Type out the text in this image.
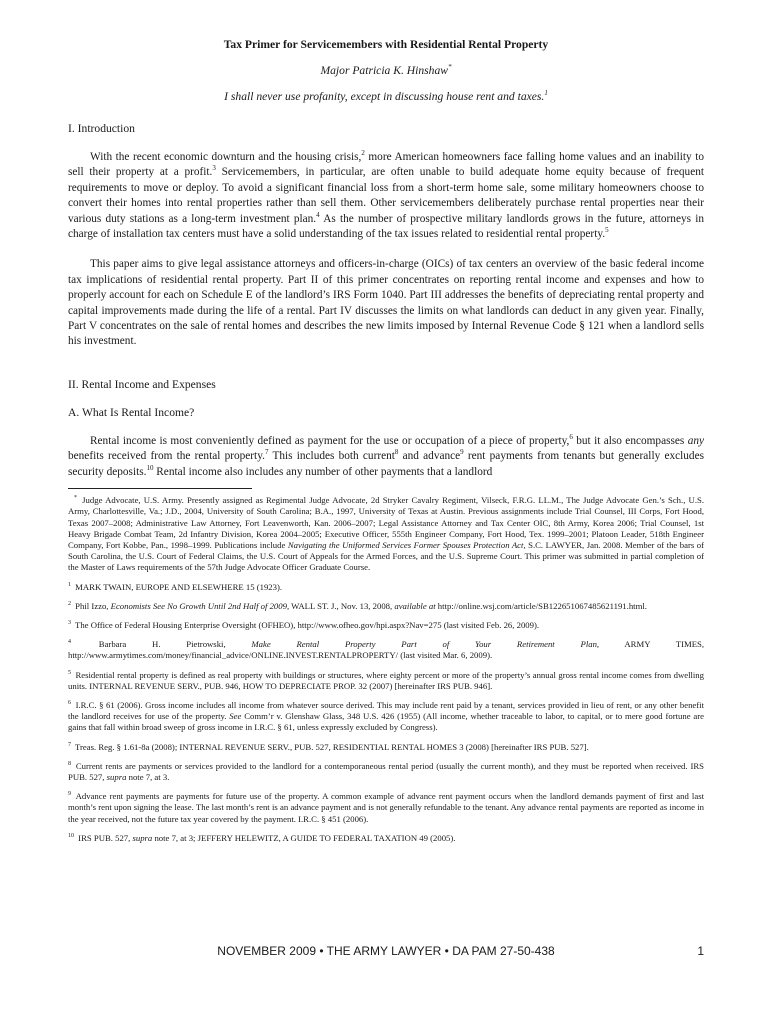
Tax Primer for Servicemembers with Residential Rental Property
Major Patricia K. Hinshaw*
I shall never use profanity, except in discussing house rent and taxes.$^1$
I. Introduction

With the recent economic downturn and the housing crisis,$^2$ more American homeowners face falling home values and an inability to sell their property at a profit.$^3$ Servicemembers, in particular, are often unable to build adequate home equity because of frequent requirements to move or deploy. To avoid a significant financial loss from a short-term home sale, some military homeowners choose to convert their homes into rental properties rather than sell them. Other servicemembers deliberately purchase rental properties near their various duty stations as a long-term investment plan.$^4$ As the number of prospective military landlords grows in the future, attorneys in charge of installation tax centers must have a solid understanding of the tax issues related to residential rental property.$^5$

This paper aims to give legal assistance attorneys and officers-in-charge (OICs) of tax centers an overview of the basic federal income tax implications of residential rental property. Part II of this primer concentrates on reporting rental income and expenses and how to properly account for each on Schedule E of the landlord’s IRS Form 1040. Part III addresses the benefits of depreciating rental property and capital improvements made during the life of a rental. Part IV discusses the limits on what landlords can deduct in any given year. Finally, Part V concentrates on the sale of rental homes and describes the new limits imposed by Internal Revenue Code § 121 when a landlord sells his investment.

II. Rental Income and Expenses
A. What Is Rental Income?

Rental income is most conveniently defined as payment for the use or occupation of a piece of property,$^6$ but it also encompasses any benefits received from the rental property.$^7$ This includes both current$^8$ and advance$^9$ rent payments from tenants but generally excludes security deposits.$^{10}$ Rental income also includes any number of other payments that a landlord

* Judge Advocate, U.S. Army. Presently assigned as Regimental Judge Advocate, 2d Stryker Cavalry Regiment, Vilseck, F.R.G. LL.M., The Judge Advocate Gen.’s Sch., U.S. Army, Charlottesville, Va.; J.D., 2004, University of South Carolina; B.A., 1997, University of Texas at Austin. Previous assignments include Trial Counsel, III Corps, Fort Hood, Texas 2007–2008; Administrative Law Attorney, Fort Leavenworth, Kan. 2006–2007; Legal Assistance Attorney and Tax Center OIC, 8th Army, Korea 2006; Trial Counsel, 1st Heavy Brigade Combat Team, 2d Infantry Division, Korea 2004–2005; Executive Officer, 555th Engineer Company, Fort Hood, Tex. 1999–2001; Platoon Leader, 518th Engineer Company, Fort Kobbe, Pan., 1998–1999. Publications include Navigating the Uniformed Services Former Spouses Protection Act, S.C. LAWYER, Jan. 2008. Member of the bars of South Carolina, the U.S. Court of Federal Claims, the U.S. Court of Appeals for the Armed Forces, and the U.S. Supreme Court. This primer was submitted in partial completion of the Master of Laws requirements of the 57th Judge Advocate Officer Graduate Course.

$^1$ MARK TWAIN, EUROPE AND ELSEWHERE 15 (1923).

$^2$ Phil Izzo, Economists See No Growth Until 2nd Half of 2009, WALL ST. J., Nov. 13, 2008, available at http://online.wsj.com/article/SB122651067485621191.html.

$^3$ The Office of Federal Housing Enterprise Oversight (OFHEO), http://www.ofheo.gov/hpi.aspx?Nav=275 (last visited Feb. 26, 2009).

$^4$ Barbara H. Pietrowski, Make Rental Property Part of Your Retirement Plan, ARMY TIMES, http://www.armytimes.com/money/financial_advice/ONLINE.INVEST.RENTALPROPERTY/ (last visited Mar. 6, 2009).

$^5$ Residential rental property is defined as real property with buildings or structures, where eighty percent or more of the property’s annual gross rental income comes from dwelling units. INTERNAL REVENUE SERV., PUB. 946, HOW TO DEPRECIATE PROP. 32 (2007) [hereinafter IRS PUB. 946].

$^6$ I.R.C. § 61 (2006). Gross income includes all income from whatever source derived. This may include rent paid by a tenant, services provided in lieu of rent, or any other benefit the landlord receives for use of the property. See Comm’r v. Glenshaw Glass, 348 U.S. 426 (1955) (All income, whether traceable to labor, to capital, or to mere good fortune are gains that fall within broad sweep of gross income in I.R.C. § 61, unless expressly excluded by Congress).

$^7$ Treas. Reg. § 1.61-8a (2008); INTERNAL REVENUE SERV., PUB. 527, RESIDENTIAL RENTAL HOMES 3 (2008) [hereinafter IRS PUB. 527].

$^8$ Current rents are payments or services provided to the landlord for a contemporaneous rental period (usually the current month), and they must be reported when received. IRS PUB. 527, supra note 7, at 3.

$^9$ Advance rent payments are payments for future use of the property. A common example of advance rent payment occurs when the landlord demands payment of first and last month’s rent upon signing the lease. The last month’s rent is an advance payment and is not generally refundable to the tenant. Any advance rental payments are reported as income in the year received, not the future tax year covered by the payment. I.R.C. § 451 (2006).

$^{10}$ IRS PUB. 527, supra note 7, at 3; JEFFERY HELEWITZ, A GUIDE TO FEDERAL TAXATION 49 (2005).

NOVEMBER 2009 • THE ARMY LAWYER • DA PAM 27-50-438	1
